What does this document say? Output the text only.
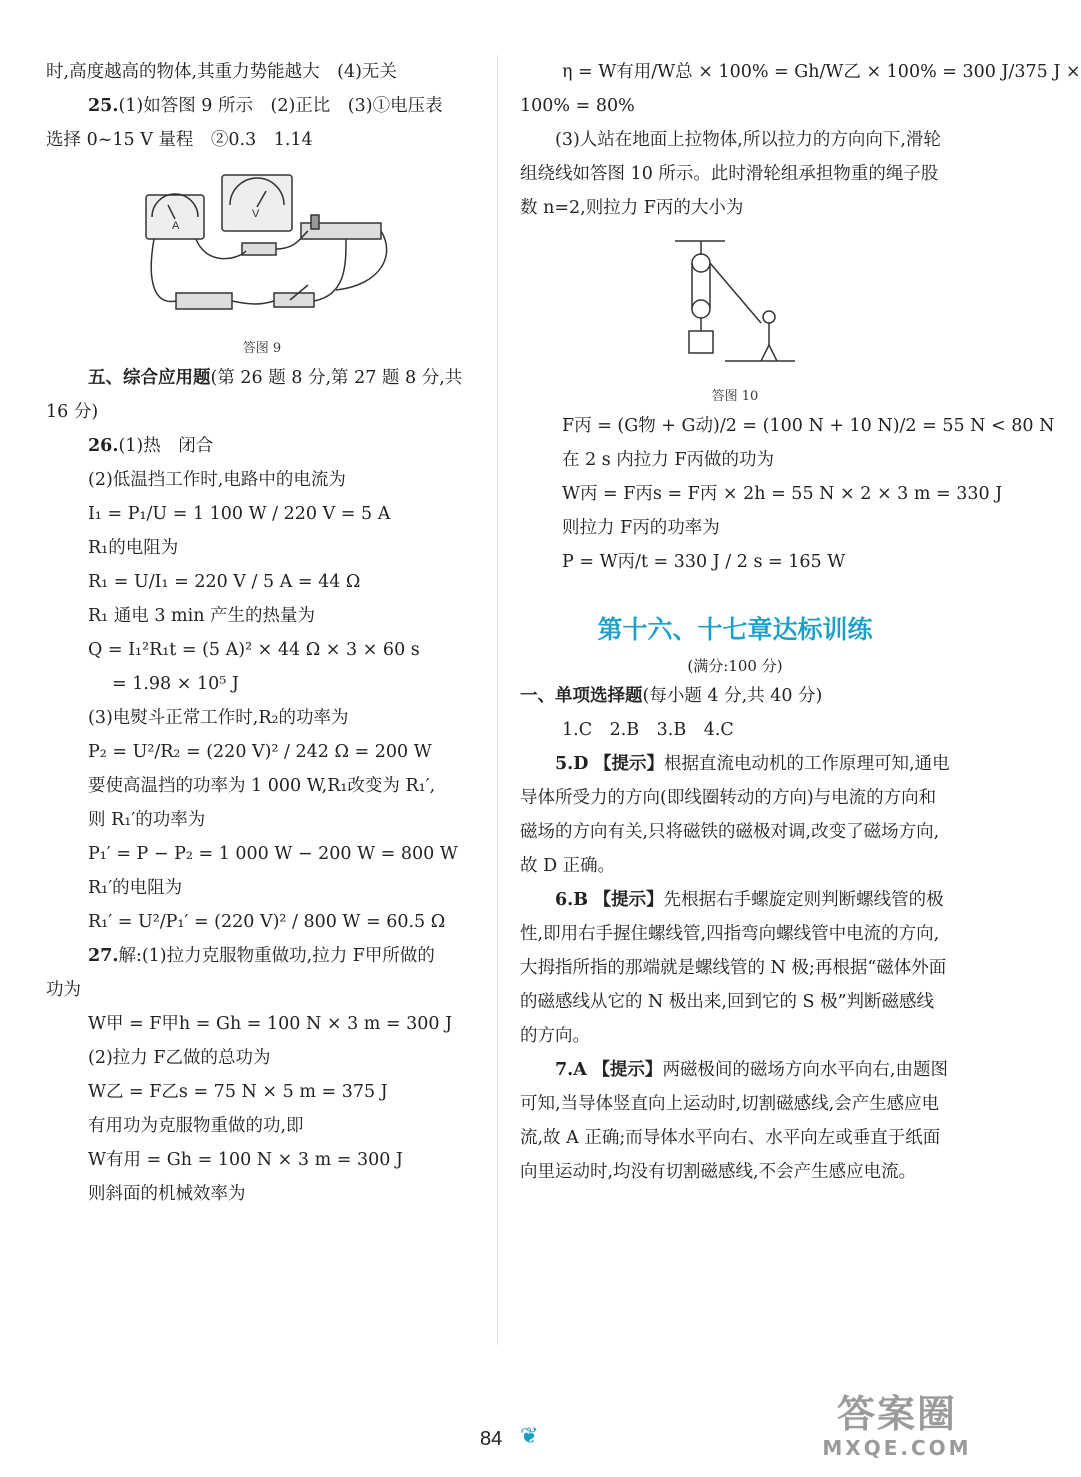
时,高度越高的物体,其重力势能越大　(4)无关
25.(1)如答图 9 所示　(2)正比　(3)①电压表
选择 0~15 V 量程　②0.3　1.14
A
V
答图 9
五、综合应用题(第 26 题 8 分,第 27 题 8 分,共
16 分)
26.(1)热　闭合
(2)低温挡工作时,电路中的电流为
I₁ = P₁/U = 1 100 W / 220 V = 5 A
R₁的电阻为
R₁ = U/I₁ = 220 V / 5 A = 44 Ω
R₁ 通电 3 min 产生的热量为
Q = I₁²R₁t = (5 A)² × 44 Ω × 3 × 60 s
= 1.98 × 10⁵ J
(3)电熨斗正常工作时,R₂的功率为
P₂ = U²/R₂ = (220 V)² / 242 Ω = 200 W
要使高温挡的功率为 1 000 W,R₁改变为 R₁′,
则 R₁′的功率为
P₁′ = P − P₂ = 1 000 W − 200 W = 800 W
R₁′的电阻为
R₁′ = U²/P₁′ = (220 V)² / 800 W = 60.5 Ω
27.解:(1)拉力克服物重做功,拉力 F甲所做的
功为
W甲 = F甲h = Gh = 100 N × 3 m = 300 J
(2)拉力 F乙做的总功为
W乙 = F乙s = 75 N × 5 m = 375 J
有用功为克服物重做的功,即
W有用 = Gh = 100 N × 3 m = 300 J
则斜面的机械效率为
η = W有用/W总 × 100% = Gh/W乙 × 100% = 300 J/375 J ×
100% = 80%
(3)人站在地面上拉物体,所以拉力的方向向下,滑轮组绕线如答图 10 所示。此时滑轮组承担物重的绳子股数 n=2,则拉力 F丙的大小为
答图 10
F丙 = (G物 + G动)/2 = (100 N + 10 N)/2 = 55 N < 80 N
在 2 s 内拉力 F丙做的功为
W丙 = F丙s = F丙 × 2h = 55 N × 2 × 3 m = 330 J
则拉力 F丙的功率为
P = W丙/t = 330 J / 2 s = 165 W
第十六、十七章达标训练
(满分:100 分)
一、单项选择题(每小题 4 分,共 40 分)
1.C　2.B　3.B　4.C
5.D 【提示】根据直流电动机的工作原理可知,通电导体所受力的方向(即线圈转动的方向)与电流的方向和磁场的方向有关,只将磁铁的磁极对调,改变了磁场方向,故 D 正确。
6.B 【提示】先根据右手螺旋定则判断螺线管的极性,即用右手握住螺线管,四指弯向螺线管中电流的方向,大拇指所指的那端就是螺线管的 N 极;再根据“磁体外面的磁感线从它的 N 极出来,回到它的 S 极”判断磁感线的方向。
7.A 【提示】两磁极间的磁场方向水平向右,由题图可知,当导体竖直向上运动时,切割磁感线,会产生感应电流,故 A 正确;而导体水平向右、水平向左或垂直于纸面向里运动时,均没有切割磁感线,不会产生感应电流。
84 ❦
答案圈
MXQE.COM
